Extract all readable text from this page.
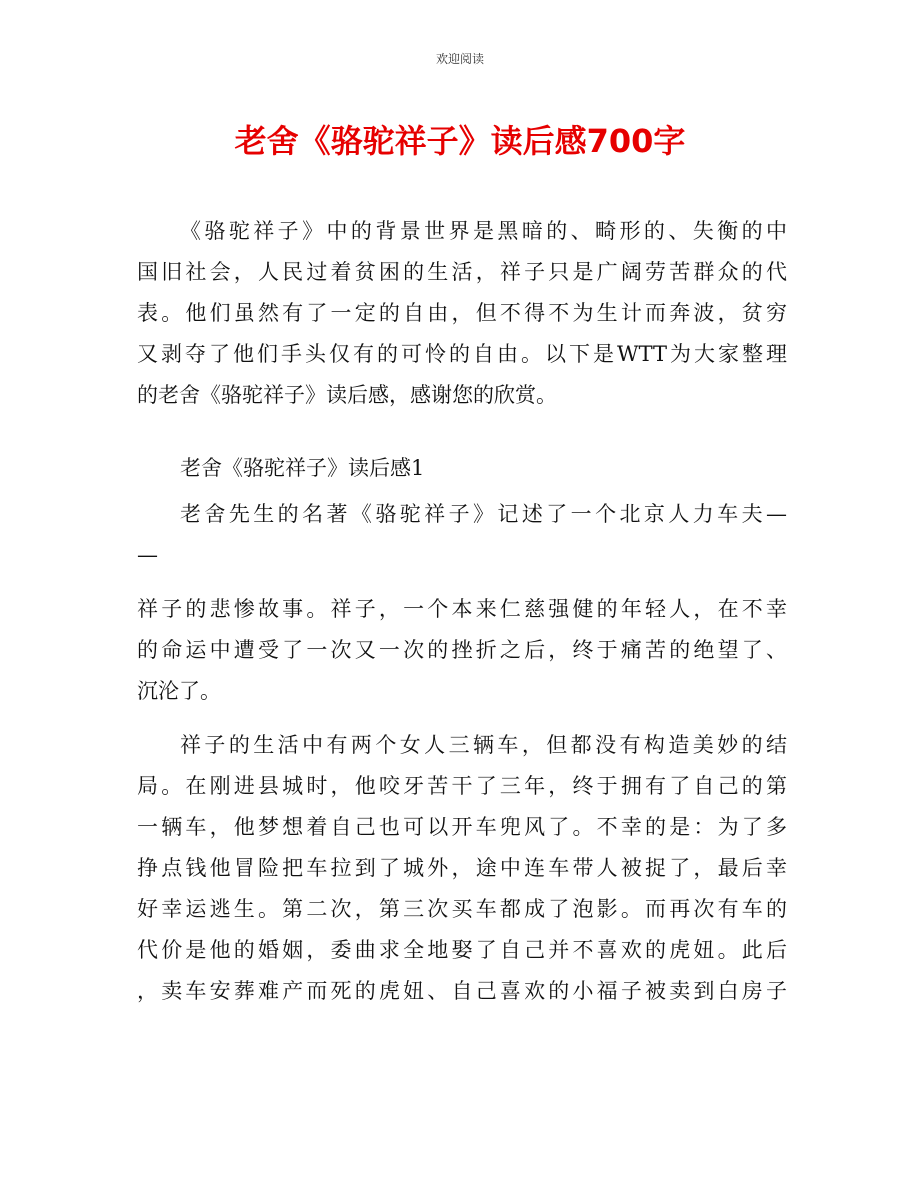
欢迎阅读
老舍《骆驼祥子》读后感700字
《骆驼祥子》中的背景世界是黑暗的、畸形的、失衡的中
国旧社会，人民过着贫困的生活，祥子只是广阔劳苦群众的代
表。他们虽然有了一定的自由，但不得不为生计而奔波，贫穷
又剥夺了他们手头仅有的可怜的自由。以下是WTT为大家整理
的老舍《骆驼祥子》读后感，感谢您的欣赏。
老舍《骆驼祥子》读后感1
老舍先生的名著《骆驼祥子》记述了一个北京人力车夫—
—
祥子的悲惨故事。祥子，一个本来仁慈强健的年轻人，在不幸
的命运中遭受了一次又一次的挫折之后，终于痛苦的绝望了、
沉沦了。
祥子的生活中有两个女人三辆车，但都没有构造美妙的结
局。在刚进县城时，他咬牙苦干了三年，终于拥有了自己的第
一辆车，他梦想着自己也可以开车兜风了。不幸的是：为了多
挣点钱他冒险把车拉到了城外，途中连车带人被捉了，最后幸
好幸运逃生。第二次，第三次买车都成了泡影。而再次有车的
代价是他的婚姻，委曲求全地娶了自己并不喜欢的虎妞。此后
，卖车安葬难产而死的虎妞、自己喜欢的小福子被卖到白房子
